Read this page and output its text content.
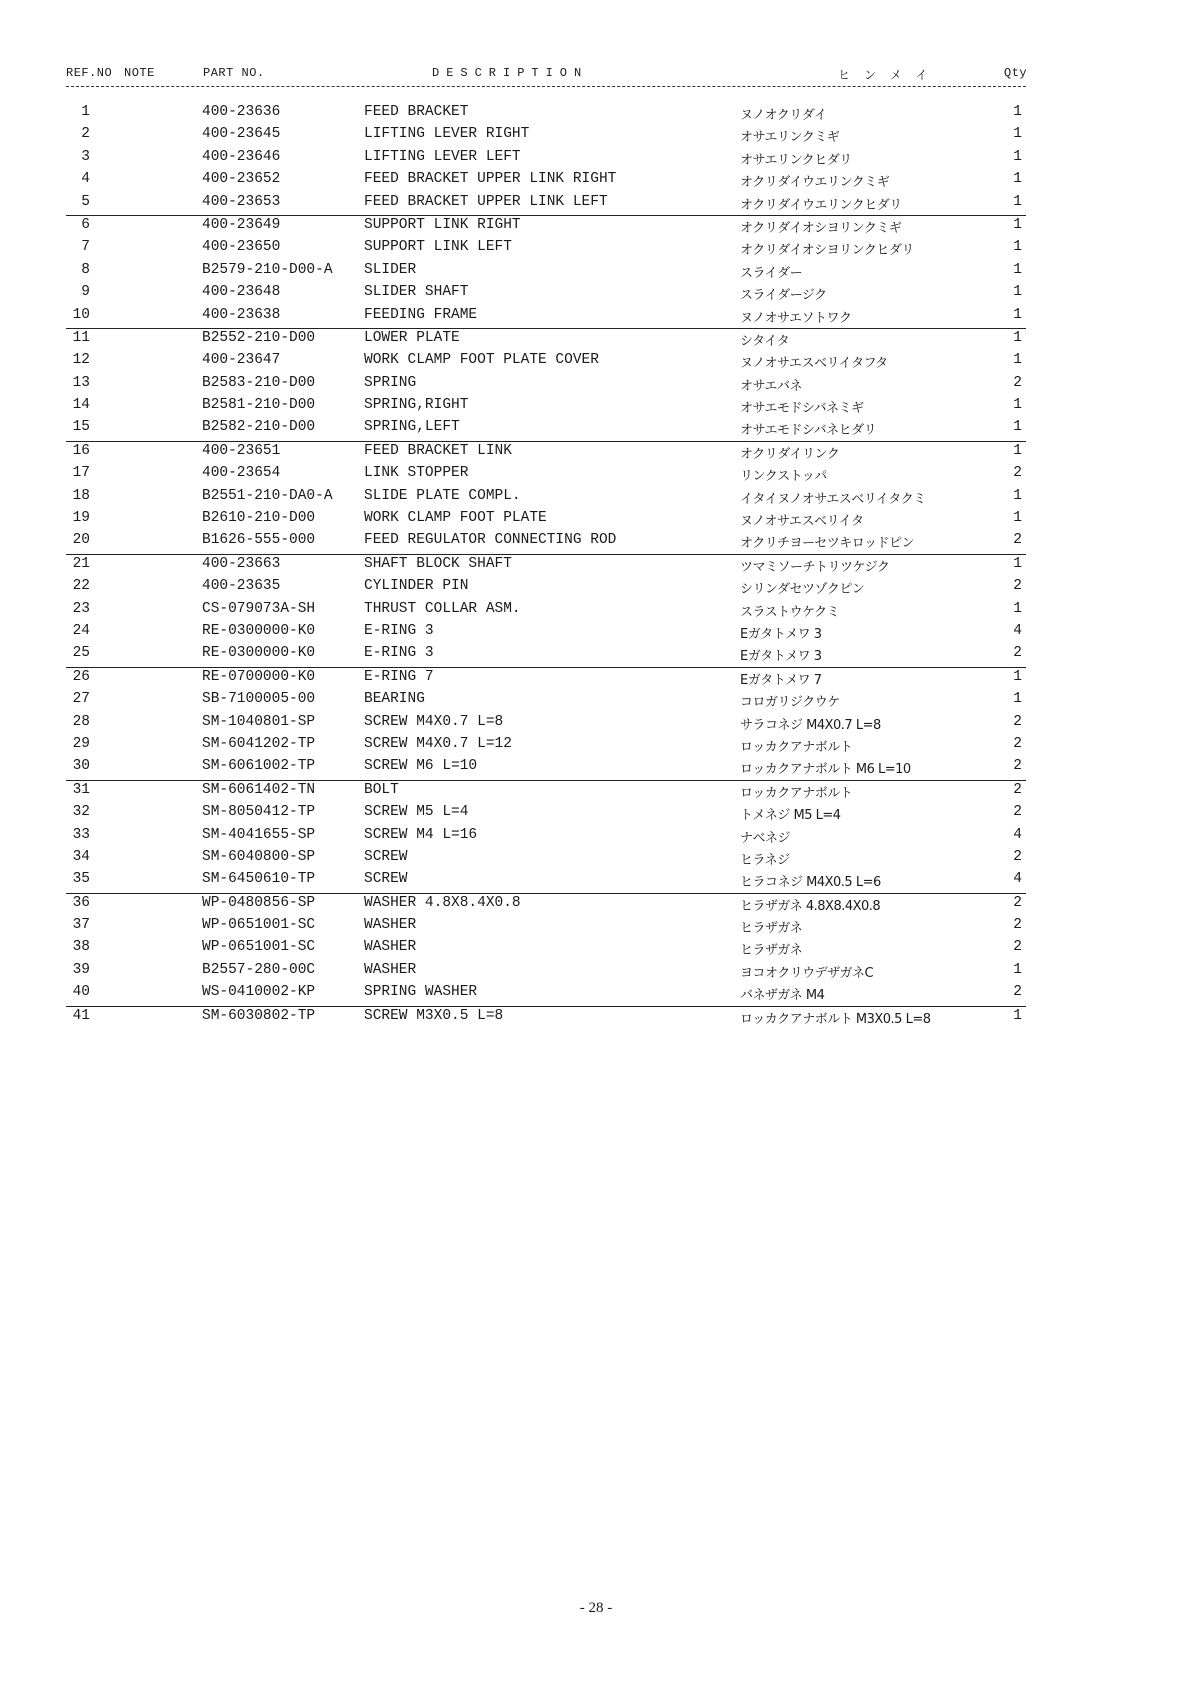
REF.NO NOTE	PART NO.	DESCRIPTION	ヒンメイ	Qty
1	400-23636	FEED BRACKET	ヌノオクリダイ	1
2	400-23645	LIFTING LEVER RIGHT	オサエリンクミギ	1
3	400-23646	LIFTING LEVER LEFT	オサエリンクヒダリ	1
4	400-23652	FEED BRACKET UPPER LINK RIGHT	オクリダイウエリンクミギ	1
5	400-23653	FEED BRACKET UPPER LINK LEFT	オクリダイウエリンクヒダリ	1
6	400-23649	SUPPORT LINK RIGHT	オクリダイオシヨリンクミギ	1
7	400-23650	SUPPORT LINK LEFT	オクリダイオシヨリンクヒダリ	1
8	B2579-210-D00-A SLIDER	スライダー	1
9	400-23648	SLIDER SHAFT	スライダージク	1
10	400-23638	FEEDING FRAME	ヌノオサエソトワク	1
11	B2552-210-D00	LOWER PLATE	シタイタ	1
12	400-23647	WORK CLAMP FOOT PLATE COVER	ヌノオサエスベリイタフタ	1
13	B2583-210-D00	SPRING	オサエバネ	2
14	B2581-210-D00	SPRING,RIGHT	オサエモドシバネミギ	1
15	B2582-210-D00	SPRING,LEFT	オサエモドシバネヒダリ	1
16	400-23651	FEED BRACKET LINK	オクリダイリンク	1
17	400-23654	LINK STOPPER	リンクストッパ	2
18	B2551-210-DA0-A SLIDE PLATE COMPL.	イタイヌノオサエスベリイタクミ	1
19	B2610-210-D00	WORK CLAMP FOOT PLATE	ヌノオサエスベリイタ	1
20	B1626-555-000	FEED REGULATOR CONNECTING ROD	オクリチヨーセツキロッドピン	2
21	400-23663	SHAFT BLOCK SHAFT	ツマミソーチトリツケジク	1
22	400-23635	CYLINDER PIN	シリンダセツゾクピン	2
23	CS-079073A-SH	THRUST COLLAR ASM.	スラストウケクミ	1
24	RE-0300000-K0	E-RING 3	Eガタトメワ 3	4
25	RE-0300000-K0	E-RING 3	Eガタトメワ 3	2
26	RE-0700000-K0	E-RING 7	Eガタトメワ 7	1
27	SB-7100005-00	BEARING	コロガリジクウケ	1
28	SM-1040801-SP	SCREW M4X0.7 L=8	サラコネジ M4X0.7 L=8	2
29	SM-6041202-TP	SCREW M4X0.7 L=12	ロッカクアナボルト	2
30	SM-6061002-TP	SCREW M6 L=10	ロッカクアナボルト M6 L=10	2
31	SM-6061402-TN	BOLT	ロッカクアナボルト	2
32	SM-8050412-TP	SCREW M5 L=4	トメネジ M5 L=4	2
33	SM-4041655-SP	SCREW M4 L=16	ナベネジ	4
34	SM-6040800-SP	SCREW	ヒラネジ	2
35	SM-6450610-TP	SCREW	ヒラコネジ M4X0.5 L=6	4
36	WP-0480856-SP	WASHER 4.8X8.4X0.8	ヒラザガネ 4.8X8.4X0.8	2
37	WP-0651001-SC	WASHER	ヒラザガネ	2
38	WP-0651001-SC	WASHER	ヒラザガネ	2
39	B2557-280-00C	WASHER	ヨコオクリウデザガネC	1
40	WS-0410002-KP	SPRING WASHER	バネザガネ M4	2
41	SM-6030802-TP	SCREW M3X0.5 L=8	ロッカクアナボルト M3X0.5 L=8	1
- 28 -
